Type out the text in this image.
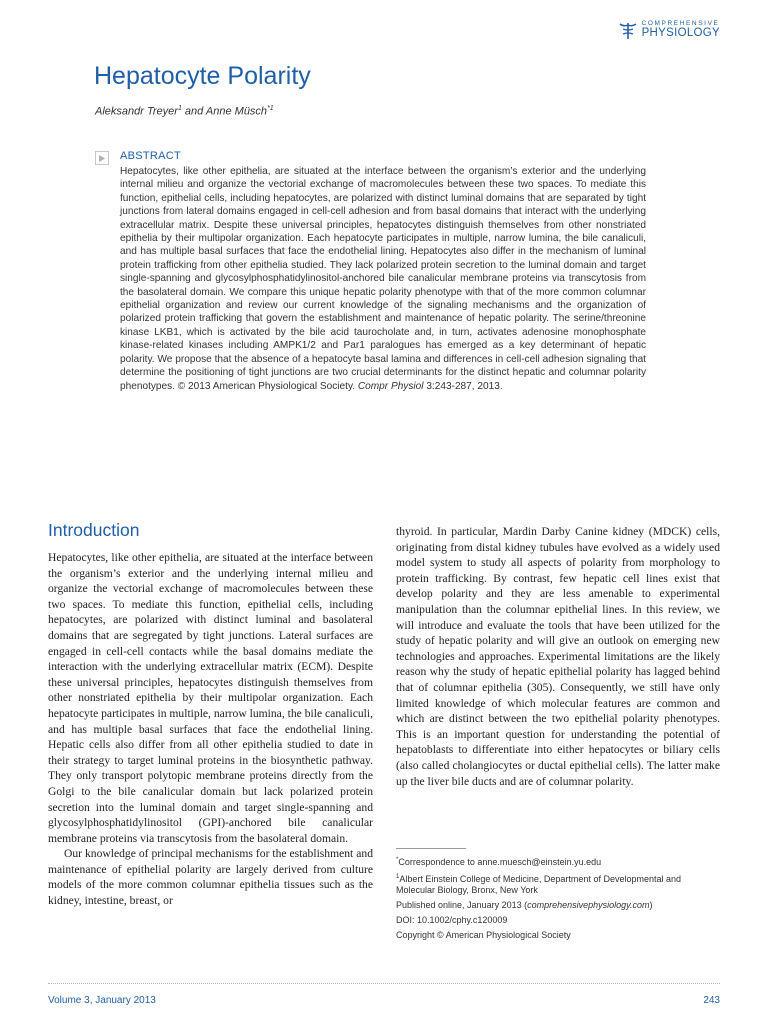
COMPREHENSIVE
PHYSIOLOGY
Hepatocyte Polarity
Aleksandr Treyer$^1$ and Anne Müsch$^{*1}$
ABSTRACT

Hepatocytes, like other epithelia, are situated at the interface between the organism’s exterior and the underlying internal milieu and organize the vectorial exchange of macromolecules between these two spaces. To mediate this function, epithelial cells, including hepatocytes, are polarized with distinct luminal domains that are separated by tight junctions from lateral domains engaged in cell-cell adhesion and from basal domains that interact with the underlying extracellular matrix. Despite these universal principles, hepatocytes distinguish themselves from other nonstriated epithelia by their multipolar organization. Each hepatocyte participates in multiple, narrow lumina, the bile canaliculi, and has multiple basal surfaces that face the endothelial lining. Hepatocytes also differ in the mechanism of luminal protein trafficking from other epithelia studied. They lack polarized protein secretion to the luminal domain and target single-spanning and glycosylphosphatidylinositol-anchored bile canalicular membrane proteins via transcytosis from the basolateral domain. We compare this unique hepatic polarity phenotype with that of the more common columnar epithelial organization and review our current knowledge of the signaling mechanisms and the organization of polarized protein trafficking that govern the establishment and maintenance of hepatic polarity. The serine/threonine kinase LKB1, which is activated by the bile acid taurocholate and, in turn, activates adenosine monophosphate kinase-related kinases including AMPK1/2 and Par1 paralogues has emerged as a key determinant of hepatic polarity. We propose that the absence of a hepatocyte basal lamina and differences in cell-cell adhesion signaling that determine the positioning of tight junctions are two crucial determinants for the distinct hepatic and columnar polarity phenotypes. © 2013 American Physiological Society. Compr Physiol 3:243-287, 2013.

Introduction

Hepatocytes, like other epithelia, are situated at the interface between the organism’s exterior and the underlying internal milieu and organize the vectorial exchange of macromolecules between these two spaces. To mediate this function, epithelial cells, including hepatocytes, are polarized with distinct luminal and basolateral domains that are segregated by tight junctions. Lateral surfaces are engaged in cell-cell contacts while the basal domains mediate the interaction with the underlying extracellular matrix (ECM). Despite these universal principles, hepatocytes distinguish themselves from other nonstriated epithelia by their multipolar organization. Each hepatocyte participates in multiple, narrow lumina, the bile canaliculi, and has multiple basal surfaces that face the endothelial lining. Hepatic cells also differ from all other epithelia studied to date in their strategy to target luminal proteins in the biosynthetic pathway. They only transport polytopic membrane proteins directly from the Golgi to the bile canalicular domain but lack polarized protein secretion into the luminal domain and target single-spanning and glycosylphosphatidylinositol (GPI)-anchored bile canalicular membrane proteins via transcytosis from the basolateral domain.

Our knowledge of principal mechanisms for the establishment and maintenance of epithelial polarity are largely derived from culture models of the more common columnar epithelia tissues such as the kidney, intestine, breast, or

thyroid. In particular, Mardin Darby Canine kidney (MDCK) cells, originating from distal kidney tubules have evolved as a widely used model system to study all aspects of polarity from morphology to protein trafficking. By contrast, few hepatic cell lines exist that develop polarity and they are less amenable to experimental manipulation than the columnar epithelial lines. In this review, we will introduce and evaluate the tools that have been utilized for the study of hepatic polarity and will give an outlook on emerging new technologies and approaches. Experimental limitations are the likely reason why the study of hepatic epithelial polarity has lagged behind that of columnar epithelia (305). Consequently, we still have only limited knowledge of which molecular features are common and which are distinct between the two epithelial polarity phenotypes. This is an important question for understanding the potential of hepatoblasts to differentiate into either hepatocytes or biliary cells (also called cholangiocytes or ductal epithelial cells). The latter make up the liver bile ducts and are of columnar polarity.

*Correspondence to anne.muesch@einstein.yu.edu

$^1$Albert Einstein College of Medicine, Department of Developmental and Molecular Biology, Bronx, New York

Published online, January 2013 (comprehensivephysiology.com)

DOI: 10.1002/cphy.c120009

Copyright © American Physiological Society

Volume 3, January 2013	243
